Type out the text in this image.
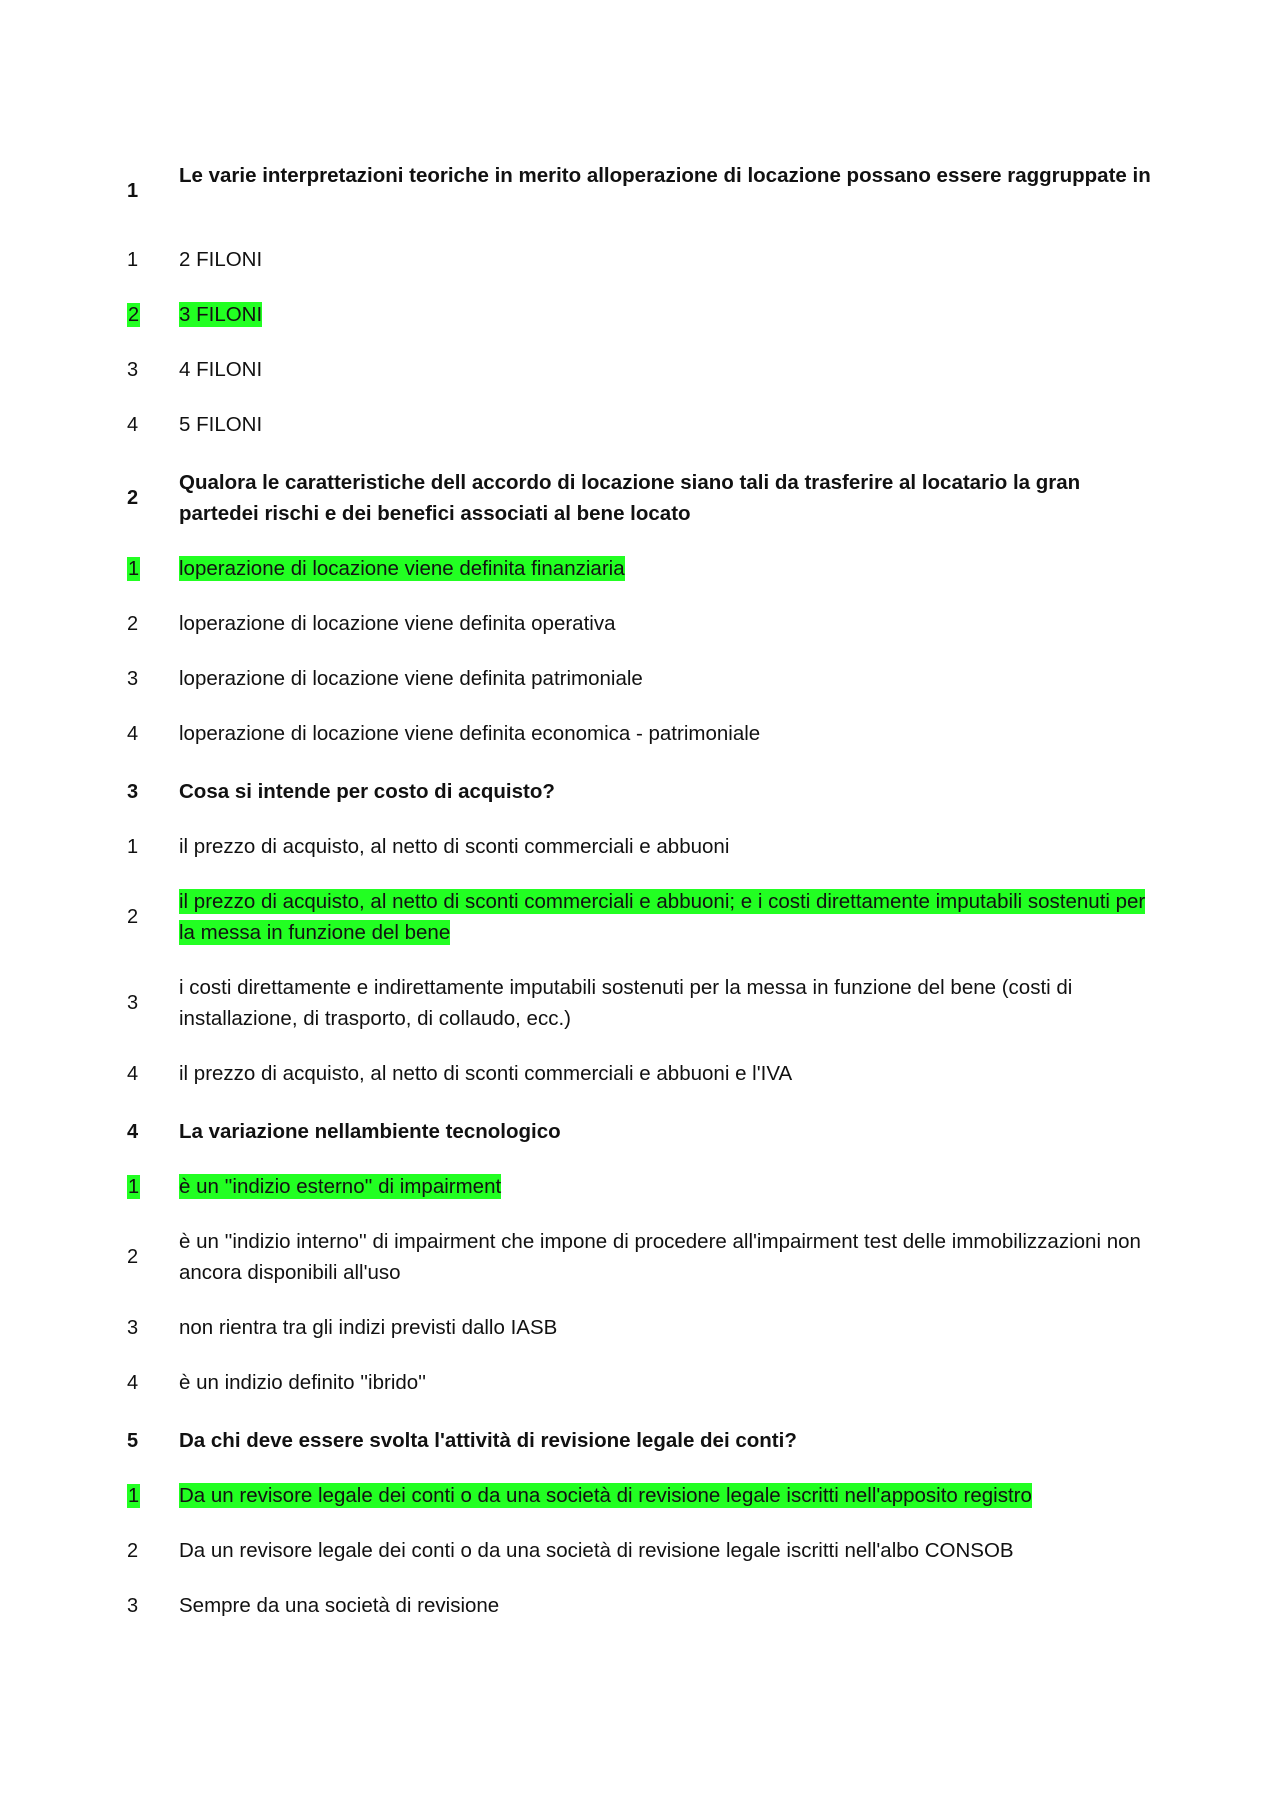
1
Le varie interpretazioni teoriche in merito alloperazione di locazione possano essere raggruppate in
1 2 FILONI
2 3 FILONI
3 4 FILONI
4 5 FILONI
2
Qualora le caratteristiche dell accordo di locazione siano tali da trasferire al locatario la gran partedei rischi e dei benefici associati al bene locato
1 loperazione di locazione viene definita finanziaria
2 loperazione di locazione viene definita operativa
3 loperazione di locazione viene definita patrimoniale
4 loperazione di locazione viene definita economica - patrimoniale
3 Cosa si intende per costo di acquisto?
1 il prezzo di acquisto, al netto di sconti commerciali e abbuoni
2
il prezzo di acquisto, al netto di sconti commerciali e abbuoni; e i costi direttamente imputabili sostenuti per la messa in funzione del bene
3
i costi direttamente e indirettamente imputabili sostenuti per la messa in funzione del bene (costi di installazione, di trasporto, di collaudo, ecc.)
4 il prezzo di acquisto, al netto di sconti commerciali e abbuoni e l'IVA
4 La variazione nellambiente tecnologico
1 è un ''indizio esterno'' di impairment
2
è un ''indizio interno'' di impairment che impone di procedere all'impairment test delle immobilizzazioni non ancora disponibili all'uso
3 non rientra tra gli indizi previsti dallo IASB
4 è un indizio definito ''ibrido''
5 Da chi deve essere svolta l'attività di revisione legale dei conti?
1 Da un revisore legale dei conti o da una società di revisione legale iscritti nell'apposito registro
2 Da un revisore legale dei conti o da una società di revisione legale iscritti nell'albo CONSOB
3 Sempre da una società di revisione
